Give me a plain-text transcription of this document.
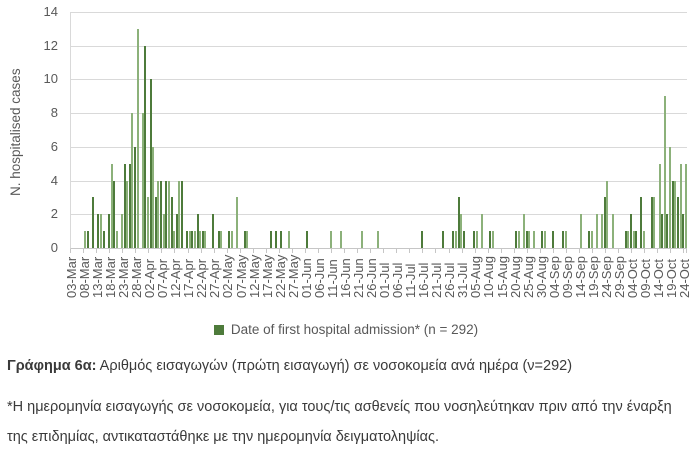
N. hospitalised cases
0
2
4
6
8
10
12
14
03-Mar
08-Mar
13-Mar
18-Mar
23-Mar
28-Mar
02-Apr
07-Apr
12-Apr
17-Apr
22-Apr
27-Apr
02-May
07-May
12-May
17-May
22-May
27-May
01-Jun
06-Jun
11-Jun
16-Jun
21-Jun
26-Jun
01-Jul
06-Jul
11-Jul
16-Jul
21-Jul
26-Jul
31-Jul
05-Aug
10-Aug
15-Aug
20-Aug
25-Aug
30-Aug
04-Sep
09-Sep
14-Sep
19-Sep
24-Sep
29-Sep
04-Oct
09-Oct
14-Oct
19-Oct
24-Oct
Date of first hospital admission* (n = 292)
Γράφημα 6α: Αριθμός εισαγωγών (πρώτη εισαγωγή) σε νοσοκομεία ανά ημέρα (ν=292)
*Η ημερομηνία εισαγωγής σε νοσοκομεία, για τους/τις ασθενείς που νοσηλεύτηκαν πριν από την έναρξη
της επιδημίας, αντικαταστάθηκε με την ημερομηνία δειγματοληψίας.
